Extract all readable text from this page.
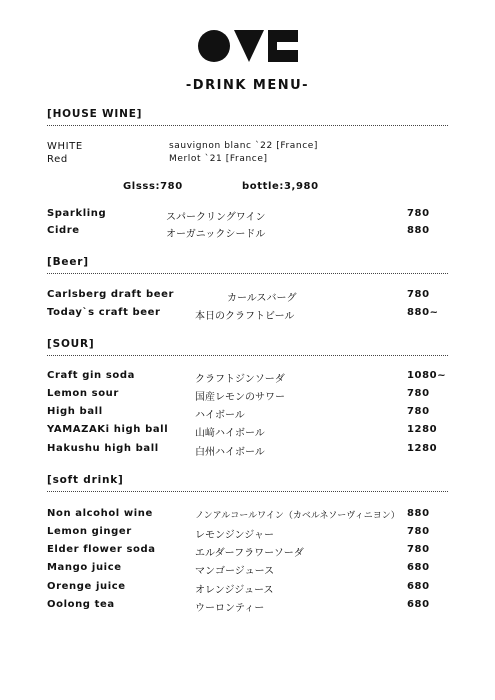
-DRINK MENU-
[HOUSE WINE]
WHITE	sauvignon blanc `22 [France]
Red	Merlot `21 [France]
Glsss:780	bottle:3,980
Sparkling	スパークリングワイン	780
Cidre	オーガニックシードル	880
[Beer]
Carlsberg draft beer	カールスバーグ	780
Today`s craft beer	本日のクラフトビール	880~
[SOUR]
Craft gin soda	クラフトジンソーダ	1080~
Lemon sour	国産レモンのサワー	780
High ball	ハイボール	780
YAMAZAKi high ball	山﨑ハイボール	1280
Hakushu high ball	白州ハイボール	1280
[soft drink]
Non alcohol wine	ノンアルコールワイン（カベルネソーヴィニヨン） 880
Lemon ginger	レモンジンジャー	780
Elder flower soda	エルダーフラワーソーダ	780
Mango juice	マンゴージュース	680
Orenge juice	オレンジジュース	680
Oolong tea	ウーロンティー	680
